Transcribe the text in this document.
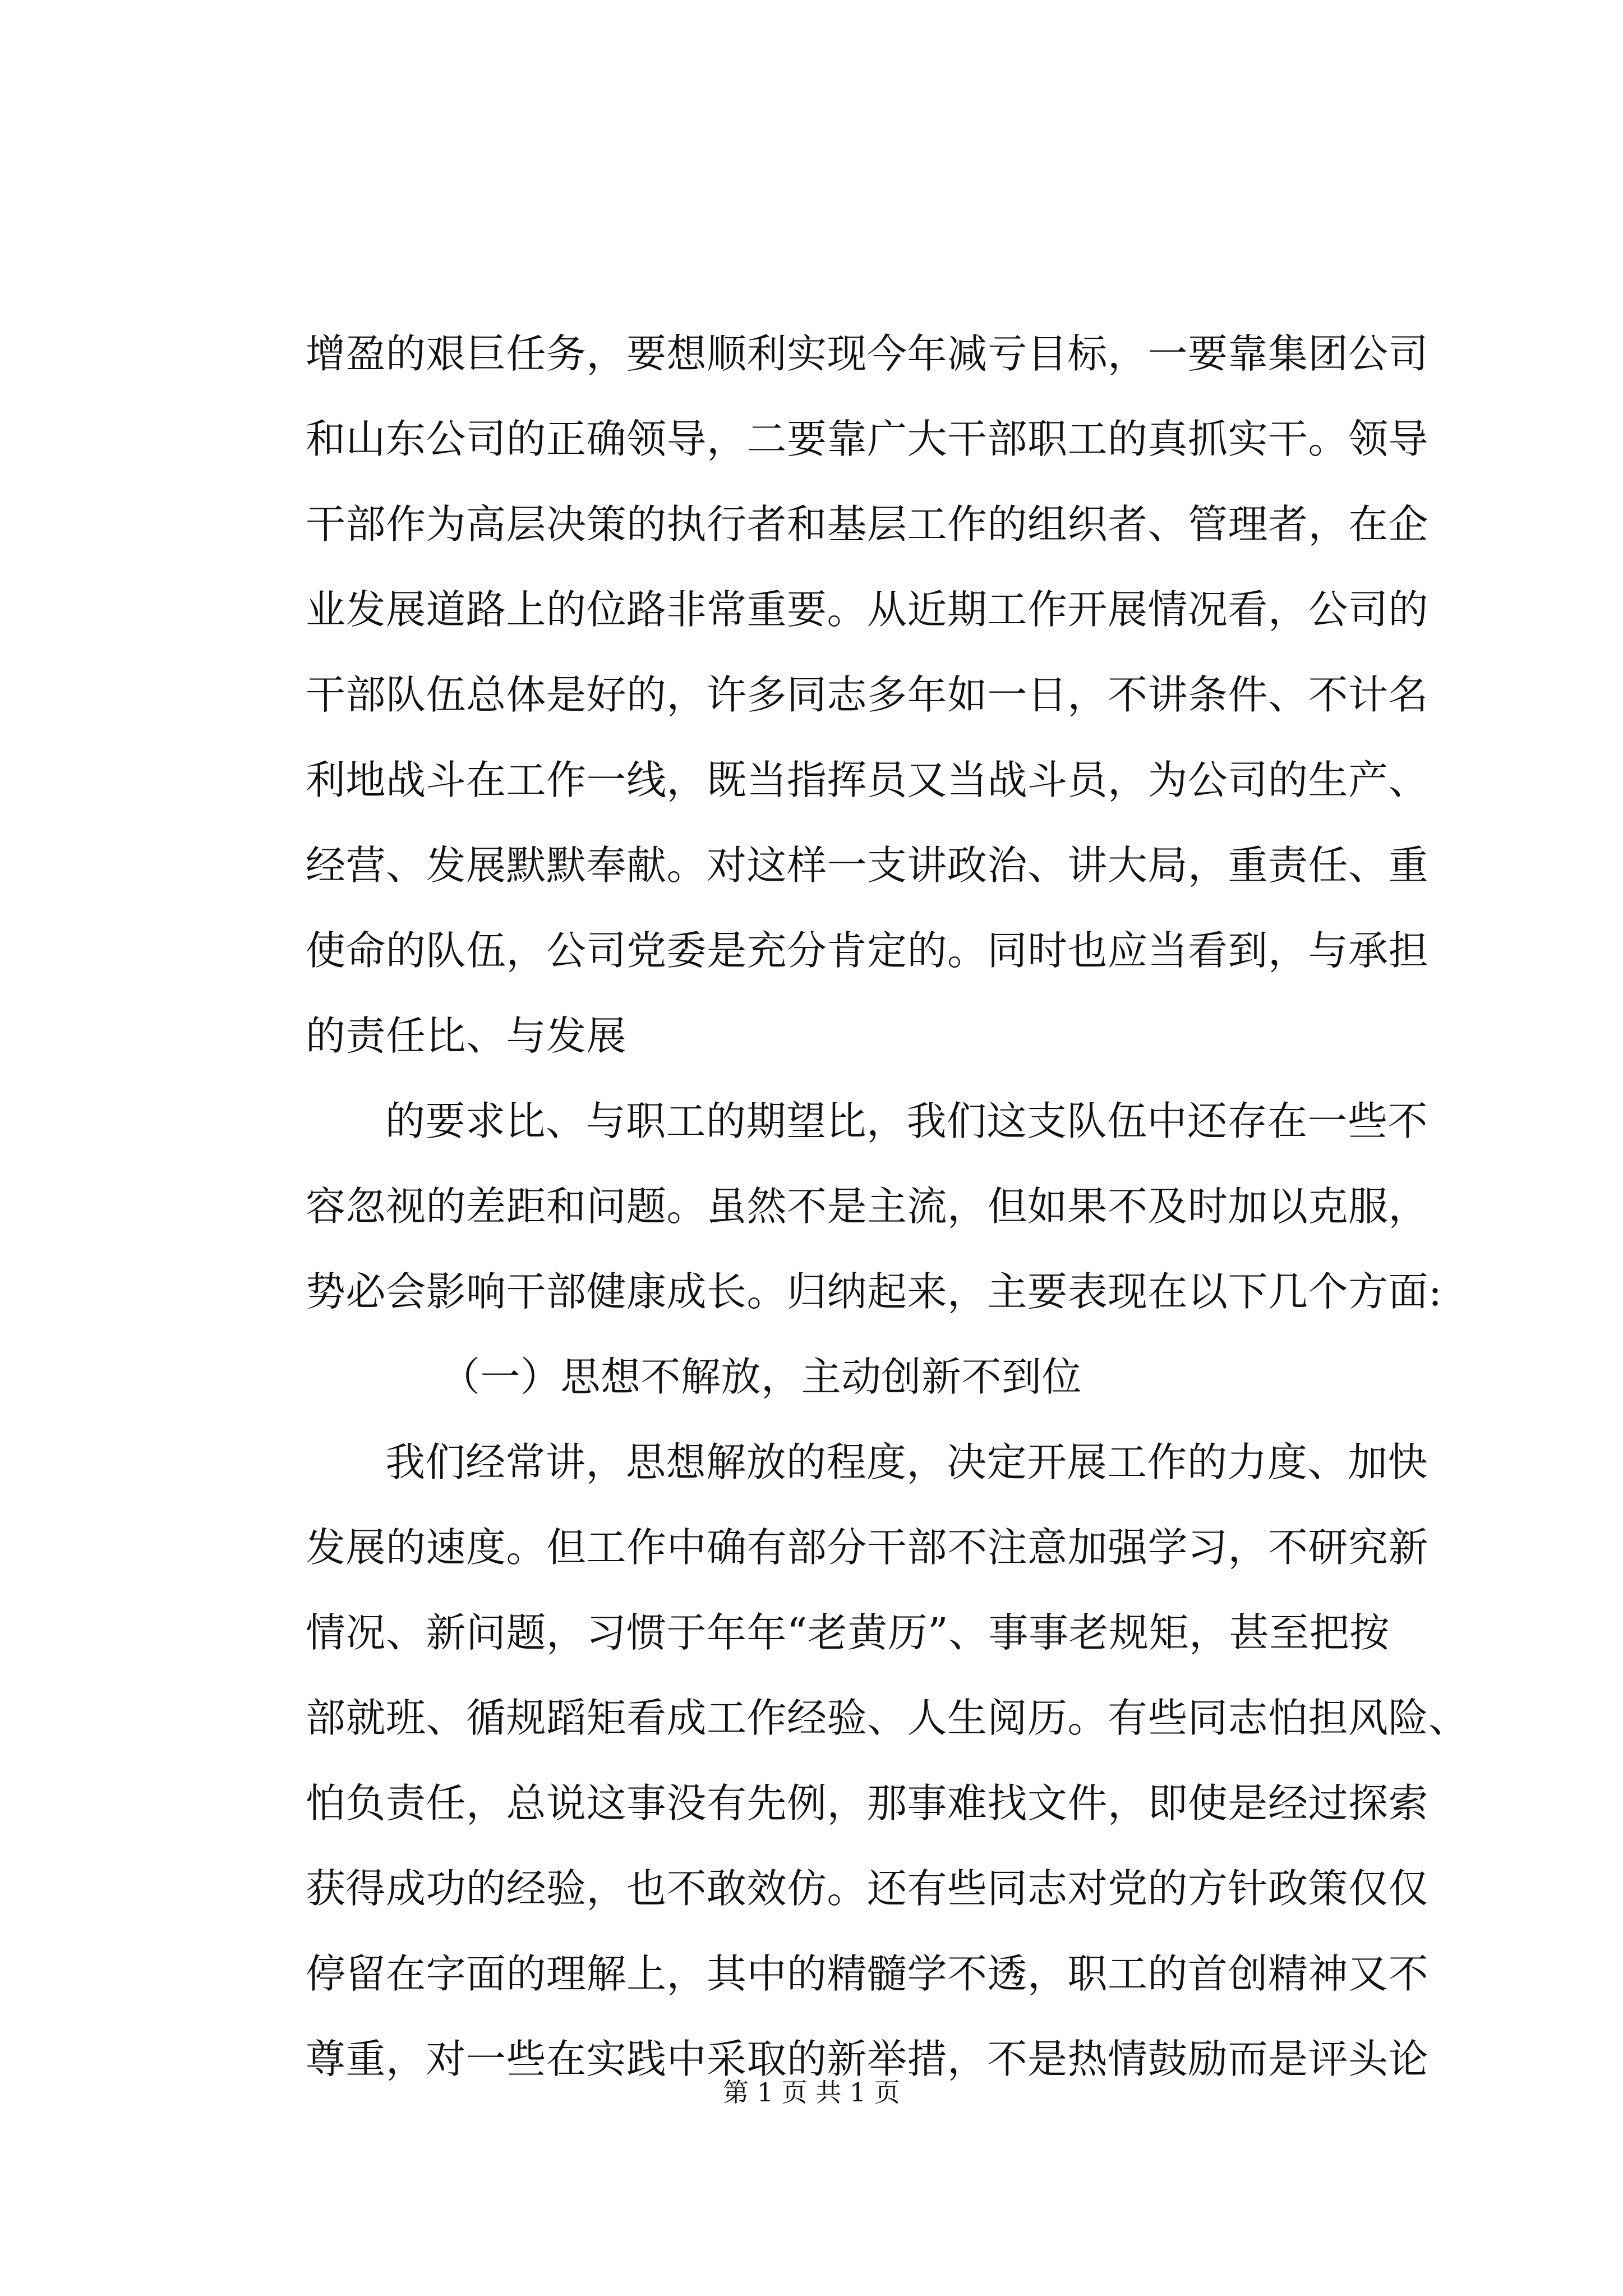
增盈的艰巨任务，要想顺利实现今年减亏目标，一要靠集团公司
和山东公司的正确领导，二要靠广大干部职工的真抓实干。领导
干部作为高层决策的执行者和基层工作的组织者、管理者，在企
业发展道路上的位路非常重要。从近期工作开展情况看，公司的
干部队伍总体是好的，许多同志多年如一日，不讲条件、不计名
利地战斗在工作一线，既当指挥员又当战斗员，为公司的生产、
经营、发展默默奉献。对这样一支讲政治、讲大局，重责任、重
使命的队伍，公司党委是充分肯定的。同时也应当看到，与承担
的责任比、与发展
的要求比、与职工的期望比，我们这支队伍中还存在一些不
容忽视的差距和问题。虽然不是主流，但如果不及时加以克服，
势必会影响干部健康成长。归纳起来，主要表现在以下几个方面:
（一）思想不解放，主动创新不到位
我们经常讲，思想解放的程度，决定开展工作的力度、加快
发展的速度。但工作中确有部分干部不注意加强学习，不研究新
情况、新问题，习惯于年年“老黄历”、事事老规矩，甚至把按
部就班、循规蹈矩看成工作经验、人生阅历。有些同志怕担风险、
怕负责任，总说这事没有先例，那事难找文件，即使是经过探索
获得成功的经验，也不敢效仿。还有些同志对党的方针政策仅仅
停留在字面的理解上，其中的精髓学不透，职工的首创精神又不
尊重，对一些在实践中采取的新举措，不是热情鼓励而是评头论
第 1 页 共 1 页
